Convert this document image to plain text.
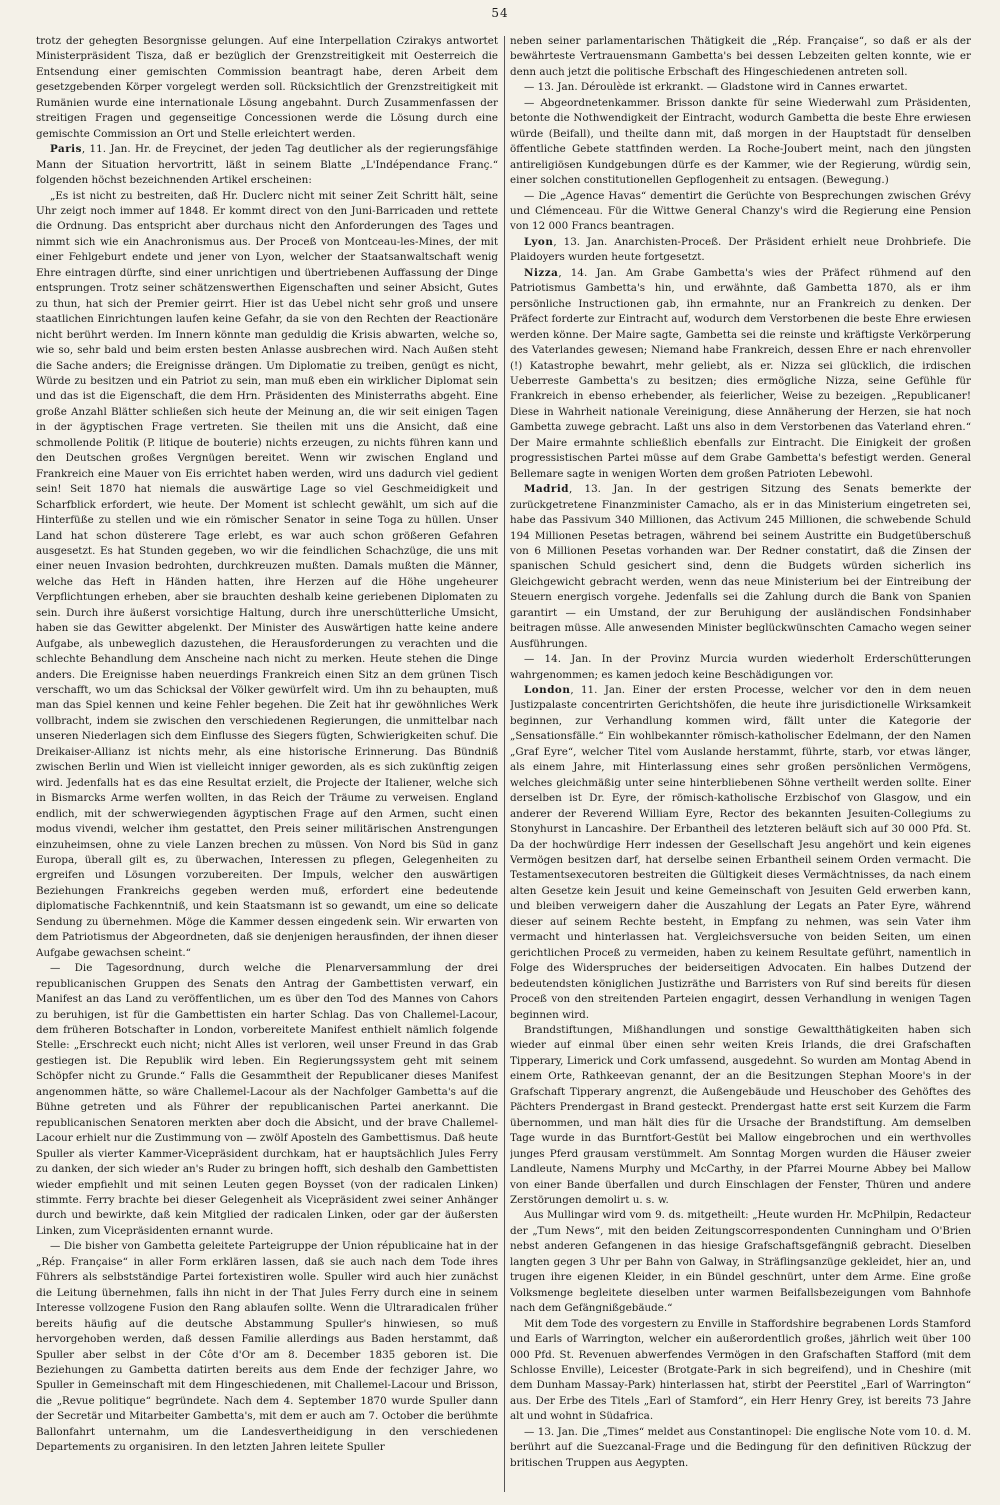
54

trotz der gehegten Besorgnisse gelungen. Auf eine Interpellation Czirakys antwortet Ministerpräsident Tisza, daß er bezüglich der Grenzstreitigkeit mit Oesterreich die Entsendung einer gemischten Commission beantragt habe, deren Arbeit dem gesetzgebenden Körper vorgelegt werden soll. Rücksichtlich der Grenzstreitigkeit mit Rumänien wurde eine internationale Lösung angebahnt. Durch Zusammenfassen der streitigen Fragen und gegenseitige Concessionen werde die Lösung durch eine gemischte Commission an Ort und Stelle erleichtert werden.

Paris, 11. Jan. Hr. de Freycinet, der jeden Tag deutlicher als der regierungsfähige Mann der Situation hervortritt, läßt in seinem Blatte „L'Indépendance Franç.“ folgenden höchst bezeichnenden Artikel erscheinen:

„Es ist nicht zu bestreiten, daß Hr. Duclerc nicht mit seiner Zeit Schritt hält, seine Uhr zeigt noch immer auf 1848. Er kommt direct von den Juni-Barricaden und rettete die Ordnung. Das entspricht aber durchaus nicht den Anforderungen des Tages und nimmt sich wie ein Anachronismus aus. Der Proceß von Montceau-les-Mines, der mit einer Fehlgeburt endete und jener von Lyon, welcher der Staatsanwaltschaft wenig Ehre eintragen dürfte, sind einer unrichtigen und übertriebenen Auffassung der Dinge entsprungen. Trotz seiner schätzenswerthen Eigenschaften und seiner Absicht, Gutes zu thun, hat sich der Premier geirrt. Hier ist das Uebel nicht sehr groß und unsere staatlichen Einrichtungen laufen keine Gefahr, da sie von den Rechten der Reactionäre nicht berührt werden. Im Innern könnte man geduldig die Krisis abwarten, welche so, wie so, sehr bald und beim ersten besten Anlasse ausbrechen wird. Nach Außen steht die Sache anders; die Ereignisse drängen. Um Diplomatie zu treiben, genügt es nicht, Würde zu besitzen und ein Patriot zu sein, man muß eben ein wirklicher Diplomat sein und das ist die Eigenschaft, die dem Hrn. Präsidenten des Ministerraths abgeht. Eine große Anzahl Blätter schließen sich heute der Meinung an, die wir seit einigen Tagen in der ägyptischen Frage vertreten. Sie theilen mit uns die Ansicht, daß eine schmollende Politik (P. litique de bouterie) nichts erzeugen, zu nichts führen kann und den Deutschen großes Vergnügen bereitet. Wenn wir zwischen England und Frankreich eine Mauer von Eis errichtet haben werden, wird uns dadurch viel gedient sein! Seit 1870 hat niemals die auswärtige Lage so viel Geschmeidigkeit und Scharfblick erfordert, wie heute. Der Moment ist schlecht gewählt, um sich auf die Hinterfüße zu stellen und wie ein römischer Senator in seine Toga zu hüllen. Unser Land hat schon düsterere Tage erlebt, es war auch schon größeren Gefahren ausgesetzt. Es hat Stunden gegeben, wo wir die feindlichen Schachzüge, die uns mit einer neuen Invasion bedrohten, durchkreuzen mußten. Damals mußten die Männer, welche das Heft in Händen hatten, ihre Herzen auf die Höhe ungeheurer Verpflichtungen erheben, aber sie brauchten deshalb keine geriebenen Diplomaten zu sein. Durch ihre äußerst vorsichtige Haltung, durch ihre unerschütterliche Umsicht, haben sie das Gewitter abgelenkt. Der Minister des Auswärtigen hatte keine andere Aufgabe, als unbeweglich dazustehen, die Herausforderungen zu verachten und die schlechte Behandlung dem Anscheine nach nicht zu merken. Heute stehen die Dinge anders. Die Ereignisse haben neuerdings Frankreich einen Sitz an dem grünen Tisch verschafft, wo um das Schicksal der Völker gewürfelt wird. Um ihn zu behaupten, muß man das Spiel kennen und keine Fehler begehen. Die Zeit hat ihr gewöhnliches Werk vollbracht, indem sie zwischen den verschiedenen Regierungen, die unmittelbar nach unseren Niederlagen sich dem Einflusse des Siegers fügten, Schwierigkeiten schuf. Die Dreikaiser-Allianz ist nichts mehr, als eine historische Erinnerung. Das Bündniß zwischen Berlin und Wien ist vielleicht inniger geworden, als es sich zukünftig zeigen wird. Jedenfalls hat es das eine Resultat erzielt, die Projecte der Italiener, welche sich in Bismarcks Arme werfen wollten, in das Reich der Träume zu verweisen. England endlich, mit der schwerwiegenden ägyptischen Frage auf den Armen, sucht einen modus vivendi, welcher ihm gestattet, den Preis seiner militärischen Anstrengungen einzuheimsen, ohne zu viele Lanzen brechen zu müssen. Von Nord bis Süd in ganz Europa, überall gilt es, zu überwachen, Interessen zu pflegen, Gelegenheiten zu ergreifen und Lösungen vorzubereiten. Der Impuls, welcher den auswärtigen Beziehungen Frankreichs gegeben werden muß, erfordert eine bedeutende diplomatische Fachkenntniß, und kein Staatsmann ist so gewandt, um eine so delicate Sendung zu übernehmen. Möge die Kammer dessen eingedenk sein. Wir erwarten von dem Patriotismus der Abgeordneten, daß sie denjenigen herausfinden, der ihnen dieser Aufgabe gewachsen scheint.“

— Die Tagesordnung, durch welche die Plenarversammlung der drei republicanischen Gruppen des Senats den Antrag der Gambettisten verwarf, ein Manifest an das Land zu veröffentlichen, um es über den Tod des Mannes von Cahors zu beruhigen, ist für die Gambettisten ein harter Schlag. Das von Challemel-Lacour, dem früheren Botschafter in London, vorbereitete Manifest enthielt nämlich folgende Stelle: „Erschreckt euch nicht; nicht Alles ist verloren, weil unser Freund in das Grab gestiegen ist. Die Republik wird leben. Ein Regierungssystem geht mit seinem Schöpfer nicht zu Grunde.“ Falls die Gesammtheit der Republicaner dieses Manifest angenommen hätte, so wäre Challemel-Lacour als der Nachfolger Gambetta's auf die Bühne getreten und als Führer der republicanischen Partei anerkannt. Die republicanischen Senatoren merkten aber doch die Absicht, und der brave Challemel-Lacour erhielt nur die Zustimmung von — zwölf Aposteln des Gambettismus. Daß heute Spuller als vierter Kammer-Vicepräsident durchkam, hat er hauptsächlich Jules Ferry zu danken, der sich wieder an's Ruder zu bringen hofft, sich deshalb den Gambettisten wieder empfiehlt und mit seinen Leuten gegen Boysset (von der radicalen Linken) stimmte. Ferry brachte bei dieser Gelegenheit als Vicepräsident zwei seiner Anhänger durch und bewirkte, daß kein Mitglied der radicalen Linken, oder gar der äußersten Linken, zum Vicepräsidenten ernannt wurde.

— Die bisher von Gambetta geleitete Parteigruppe der Union républicaine hat in der „Rép. Française“ in aller Form erklären lassen, daß sie auch nach dem Tode ihres Führers als selbstständige Partei fortexistiren wolle. Spuller wird auch hier zunächst die Leitung übernehmen, falls ihn nicht in der That Jules Ferry durch eine in seinem Interesse vollzogene Fusion den Rang ablaufen sollte. Wenn die Ultraradicalen früher bereits häufig auf die deutsche Abstammung Spuller's hinwiesen, so muß hervorgehoben werden, daß dessen Familie allerdings aus Baden herstammt, daß Spuller aber selbst in der Côte d'Or am 8. December 1835 geboren ist. Die Beziehungen zu Gambetta datirten bereits aus dem Ende der fechziger Jahre, wo Spuller in Gemeinschaft mit dem Hingeschiedenen, mit Challemel-Lacour und Brisson, die „Revue politique“ begründete. Nach dem 4. September 1870 wurde Spuller dann der Secretär und Mitarbeiter Gambetta's, mit dem er auch am 7. October die berühmte Ballonfahrt unternahm, um die Landesvertheidigung in den verschiedenen Departements zu organisiren. In den letzten Jahren leitete Spuller

neben seiner parlamentarischen Thätigkeit die „Rép. Française“, so daß er als der bewährteste Vertrauensmann Gambetta's bei dessen Lebzeiten gelten konnte, wie er denn auch jetzt die politische Erbschaft des Hingeschiedenen antreten soll.

— 13. Jan. Déroulède ist erkrankt. — Gladstone wird in Cannes erwartet.

— Abgeordnetenkammer. Brisson dankte für seine Wiederwahl zum Präsidenten, betonte die Nothwendigkeit der Eintracht, wodurch Gambetta die beste Ehre erwiesen würde (Beifall), und theilte dann mit, daß morgen in der Hauptstadt für denselben öffentliche Gebete stattfinden werden. La Roche-Joubert meint, nach den jüngsten antireligiösen Kundgebungen dürfe es der Kammer, wie der Regierung, würdig sein, einer solchen constitutionellen Gepflogenheit zu entsagen. (Bewegung.)

— Die „Agence Havas“ dementirt die Gerüchte von Besprechungen zwischen Grévy und Clémenceau. Für die Wittwe General Chanzy's wird die Regierung eine Pension von 12 000 Francs beantragen.

Lyon, 13. Jan. Anarchisten-Proceß. Der Präsident erhielt neue Drohbriefe. Die Plaidoyers wurden heute fortgesetzt.

Nizza, 14. Jan. Am Grabe Gambetta's wies der Präfect rühmend auf den Patriotismus Gambetta's hin, und erwähnte, daß Gambetta 1870, als er ihm persönliche Instructionen gab, ihn ermahnte, nur an Frankreich zu denken. Der Präfect forderte zur Eintracht auf, wodurch dem Verstorbenen die beste Ehre erwiesen werden könne. Der Maire sagte, Gambetta sei die reinste und kräftigste Verkörperung des Vaterlandes gewesen; Niemand habe Frankreich, dessen Ehre er nach ehrenvoller (!) Katastrophe bewahrt, mehr geliebt, als er. Nizza sei glücklich, die irdischen Ueberreste Gambetta's zu besitzen; dies ermögliche Nizza, seine Gefühle für Frankreich in ebenso erhebender, als feierlicher, Weise zu bezeigen. „Republicaner! Diese in Wahrheit nationale Vereinigung, diese Annäherung der Herzen, sie hat noch Gambetta zuwege gebracht. Laßt uns also in dem Verstorbenen das Vaterland ehren.“ Der Maire ermahnte schließlich ebenfalls zur Eintracht. Die Einigkeit der großen progressistischen Partei müsse auf dem Grabe Gambetta's befestigt werden. General Bellemare sagte in wenigen Worten dem großen Patrioten Lebewohl.

Madrid, 13. Jan. In der gestrigen Sitzung des Senats bemerkte der zurückgetretene Finanzminister Camacho, als er in das Ministerium eingetreten sei, habe das Passivum 340 Millionen, das Activum 245 Millionen, die schwebende Schuld 194 Millionen Pesetas betragen, während bei seinem Austritte ein Budgetüberschuß von 6 Millionen Pesetas vorhanden war. Der Redner constatirt, daß die Zinsen der spanischen Schuld gesichert sind, denn die Budgets würden sicherlich ins Gleichgewicht gebracht werden, wenn das neue Ministerium bei der Eintreibung der Steuern energisch vorgehe. Jedenfalls sei die Zahlung durch die Bank von Spanien garantirt — ein Umstand, der zur Beruhigung der ausländischen Fondsinhaber beitragen müsse. Alle anwesenden Minister beglückwünschten Camacho wegen seiner Ausführungen.

— 14. Jan. In der Provinz Murcia wurden wiederholt Erderschütterungen wahrgenommen; es kamen jedoch keine Beschädigungen vor.

London, 11. Jan. Einer der ersten Processe, welcher vor den in dem neuen Justizpalaste concentrirten Gerichtshöfen, die heute ihre jurisdictionelle Wirksamkeit beginnen, zur Verhandlung kommen wird, fällt unter die Kategorie der „Sensationsfälle.“ Ein wohlbekannter römisch-katholischer Edelmann, der den Namen „Graf Eyre“, welcher Titel vom Auslande herstammt, führte, starb, vor etwas länger, als einem Jahre, mit Hinterlassung eines sehr großen persönlichen Vermögens, welches gleichmäßig unter seine hinterbliebenen Söhne vertheilt werden sollte. Einer derselben ist Dr. Eyre, der römisch-katholische Erzbischof von Glasgow, und ein anderer der Reverend William Eyre, Rector des bekannten Jesuiten-Collegiums zu Stonyhurst in Lancashire. Der Erbantheil des letzteren beläuft sich auf 30 000 Pfd. St. Da der hochwürdige Herr indessen der Gesellschaft Jesu angehört und kein eigenes Vermögen besitzen darf, hat derselbe seinen Erbantheil seinem Orden vermacht. Die Testamentsexecutoren bestreiten die Gültigkeit dieses Vermächtnisses, da nach einem alten Gesetze kein Jesuit und keine Gemeinschaft von Jesuiten Geld erwerben kann, und bleiben verweigern daher die Auszahlung der Legats an Pater Eyre, während dieser auf seinem Rechte besteht, in Empfang zu nehmen, was sein Vater ihm vermacht und hinterlassen hat. Vergleichsversuche von beiden Seiten, um einen gerichtlichen Proceß zu vermeiden, haben zu keinem Resultate geführt, namentlich in Folge des Widerspruches der beiderseitigen Advocaten. Ein halbes Dutzend der bedeutendsten königlichen Justizräthe und Barristers von Ruf sind bereits für diesen Proceß von den streitenden Parteien engagirt, dessen Verhandlung in wenigen Tagen beginnen wird.

Brandstiftungen, Mißhandlungen und sonstige Gewaltthätigkeiten haben sich wieder auf einmal über einen sehr weiten Kreis Irlands, die drei Grafschaften Tipperary, Limerick und Cork umfassend, ausgedehnt. So wurden am Montag Abend in einem Orte, Rathkeevan genannt, der an die Besitzungen Stephan Moore's in der Grafschaft Tipperary angrenzt, die Außengebäude und Heuschober des Gehöftes des Pächters Prendergast in Brand gesteckt. Prendergast hatte erst seit Kurzem die Farm übernommen, und man hält dies für die Ursache der Brandstiftung. Am demselben Tage wurde in das Burntfort-Gestüt bei Mallow eingebrochen und ein werthvolles junges Pferd grausam verstümmelt. Am Sonntag Morgen wurden die Häuser zweier Landleute, Namens Murphy und McCarthy, in der Pfarrei Mourne Abbey bei Mallow von einer Bande überfallen und durch Einschlagen der Fenster, Thüren und andere Zerstörungen demolirt u. s. w.

Aus Mullingar wird vom 9. ds. mitgetheilt: „Heute wurden Hr. McPhilpin, Redacteur der „Tum News“, mit den beiden Zeitungscorrespondenten Cunningham und O'Brien nebst anderen Gefangenen in das hiesige Grafschaftsgefängniß gebracht. Dieselben langten gegen 3 Uhr per Bahn von Galway, in Sträflingsanzüge gekleidet, hier an, und trugen ihre eigenen Kleider, in ein Bündel geschnürt, unter dem Arme. Eine große Volksmenge begleitete dieselben unter warmen Beifallsbezeigungen vom Bahnhofe nach dem Gefängnißgebäude.“

Mit dem Tode des vorgestern zu Enville in Staffordshire begrabenen Lords Stamford und Earls of Warrington, welcher ein außerordentlich großes, jährlich weit über 100 000 Pfd. St. Revenuen abwerfendes Vermögen in den Grafschaften Stafford (mit dem Schlosse Enville), Leicester (Brotgate-Park in sich begreifend), und in Cheshire (mit dem Dunham Massay-Park) hinterlassen hat, stirbt der Peerstitel „Earl of Warrington“ aus. Der Erbe des Titels „Earl of Stamford“, ein Herr Henry Grey, ist bereits 73 Jahre alt und wohnt in Südafrica.

— 13. Jan. Die „Times“ meldet aus Constantinopel: Die englische Note vom 10. d. M. berührt auf die Suezcanal-Frage und die Bedingung für den definitiven Rückzug der britischen Truppen aus Aegypten.
